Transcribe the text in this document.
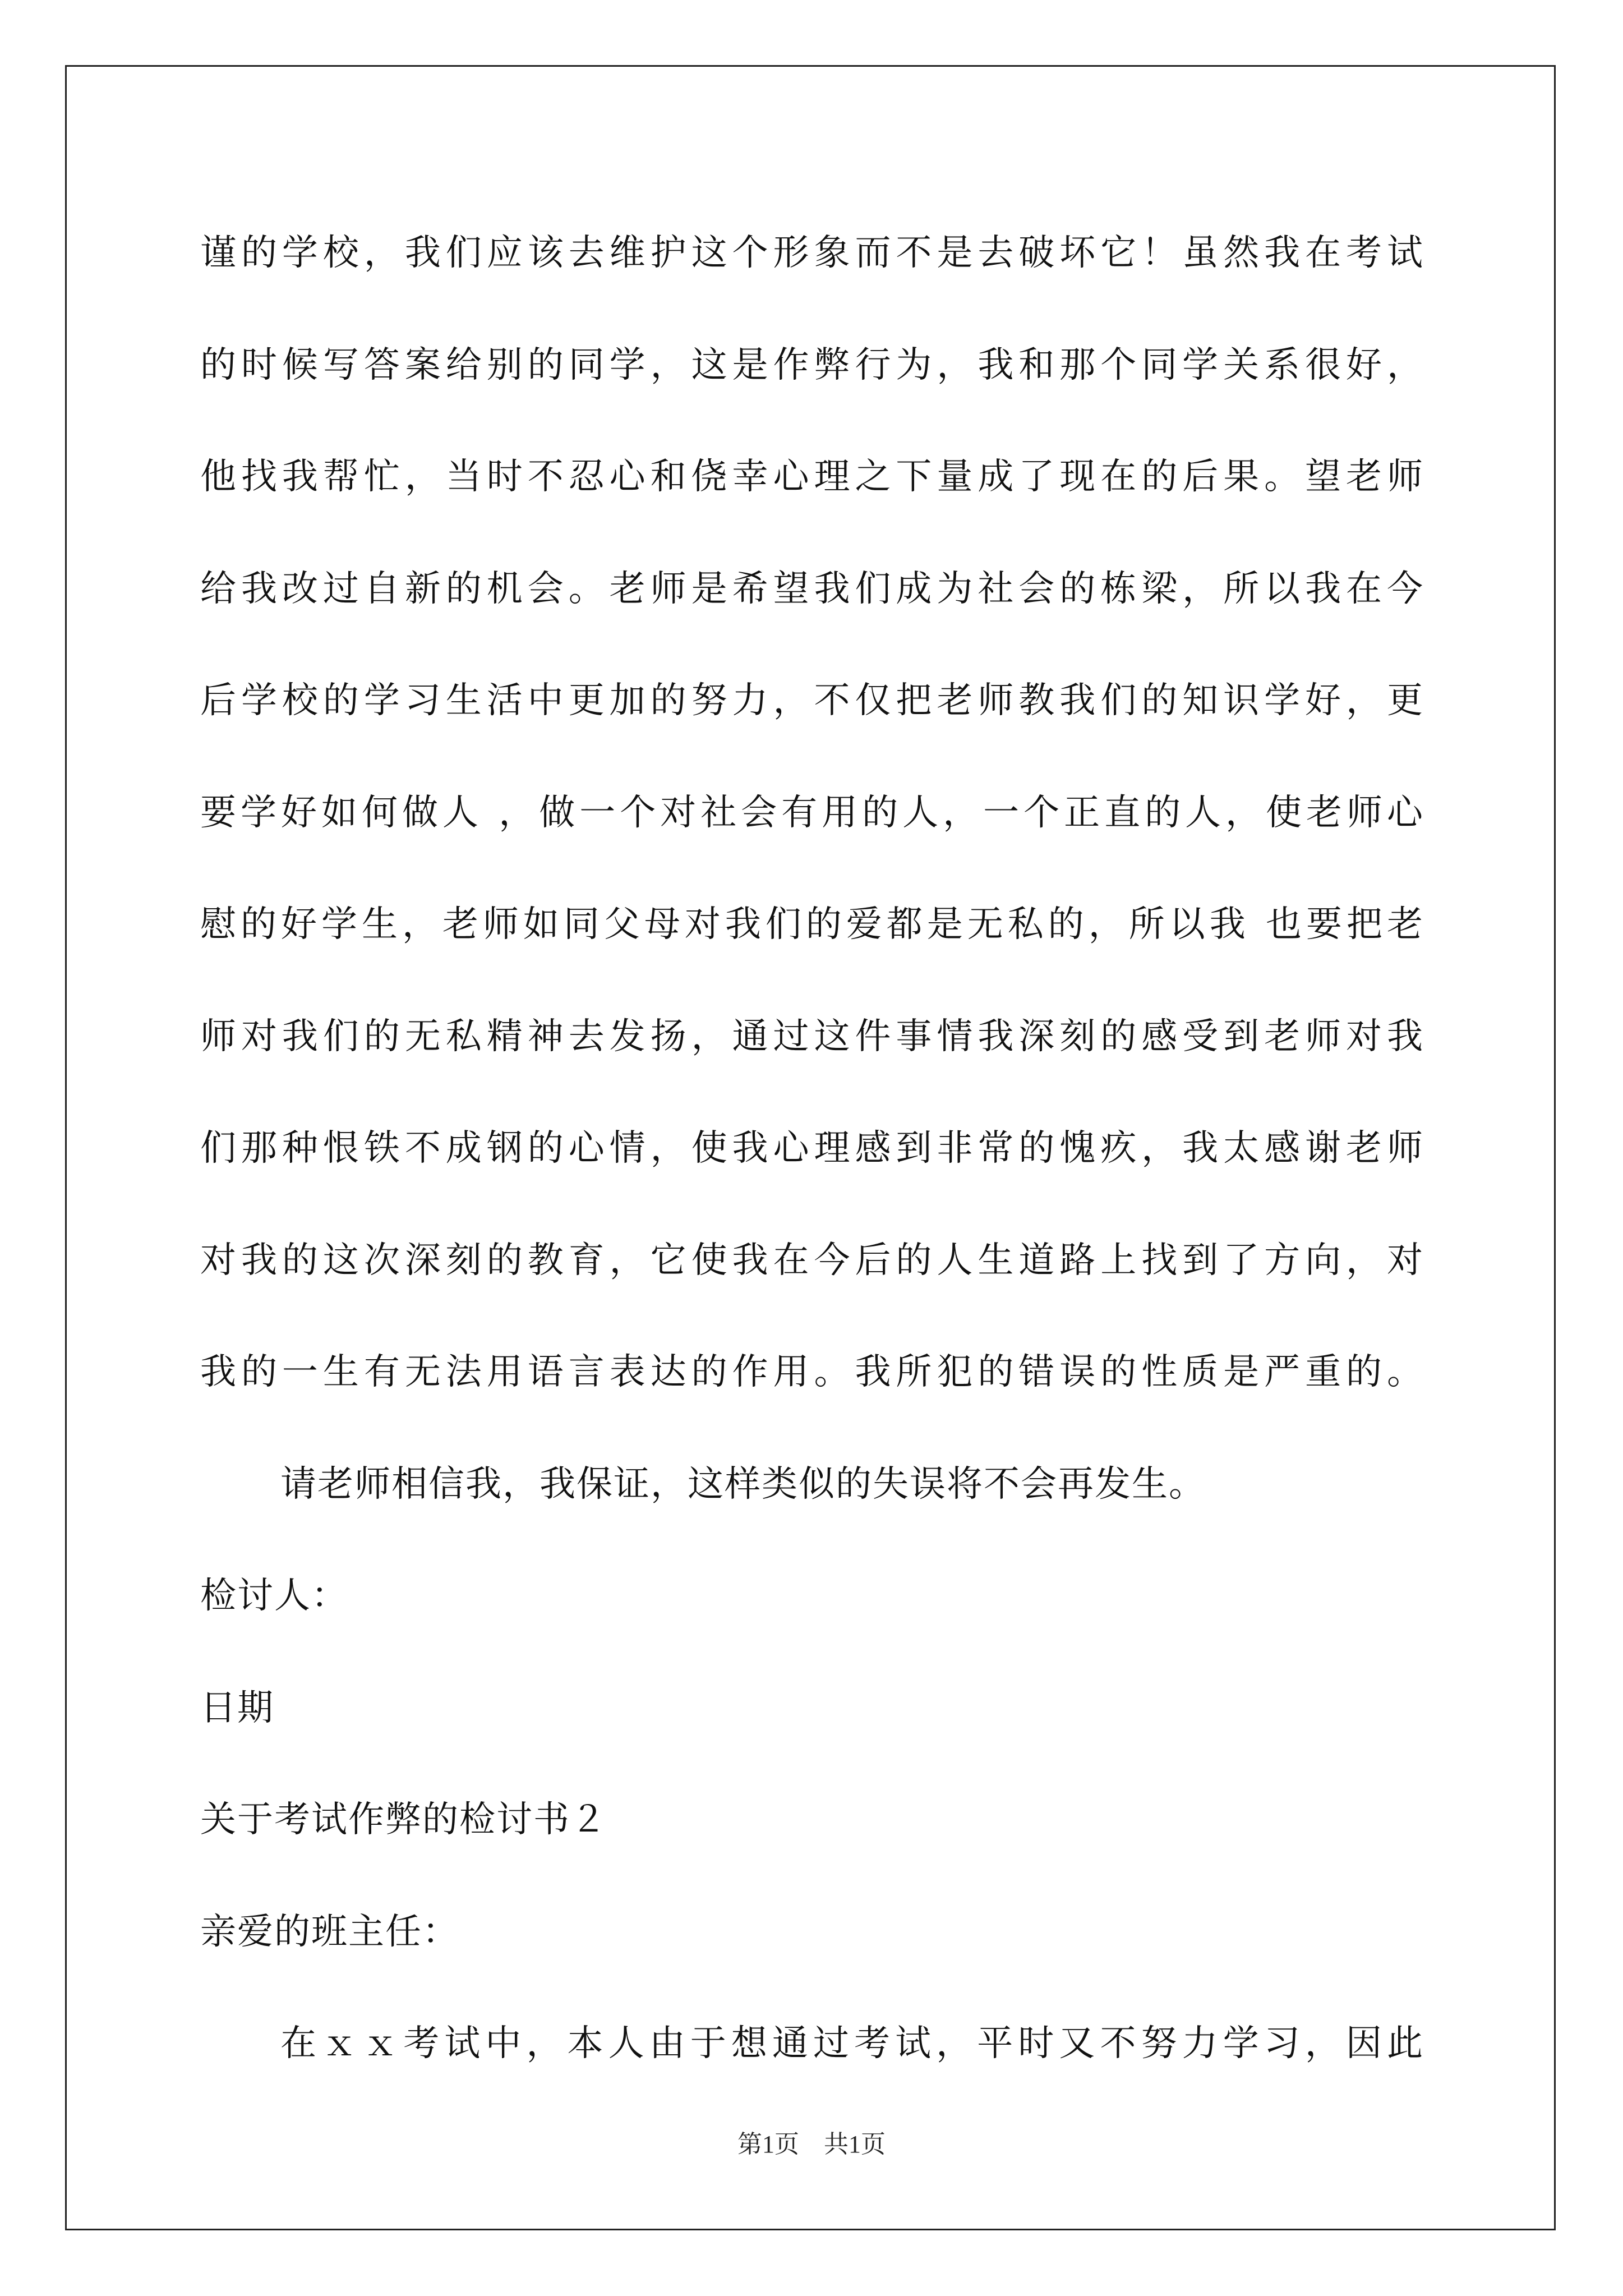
谨的学校，我们应该去维护这个形象而不是去破坏它！虽然我在考试
的时候写答案给别的同学，这是作弊行为，我和那个同学关系很好，
他找我帮忙，当时不忍心和侥幸心理之下量成了现在的后果。望老师
给我改过自新的机会。老师是希望我们成为社会的栋梁，所以我在今
后学校的学习生活中更加的努力，不仅把老师教我们的知识学好，更
要学好如何做人 ，做一个对社会有用的人，一个正直的人，使老师心
慰的好学生，老师如同父母对我们的爱都是无私的，所以我 也要把老
师对我们的无私精神去发扬，通过这件事情我深刻的感受到老师对我
们那种恨铁不成钢的心情，使我心理感到非常的愧疚，我太感谢老师
对我的这次深刻的教育，它使我在今后的人生道路上找到了方向，对
我的一生有无法用语言表达的作用。我所犯的错误的性质是严重的。
请老师相信我，我保证，这样类似的失误将不会再发生。
检讨人：
日期
关于考试作弊的检讨书２
亲爱的班主任：
在ｘｘ考试中，本人由于想通过考试，平时又不努力学习，因此
第1页　共1页
